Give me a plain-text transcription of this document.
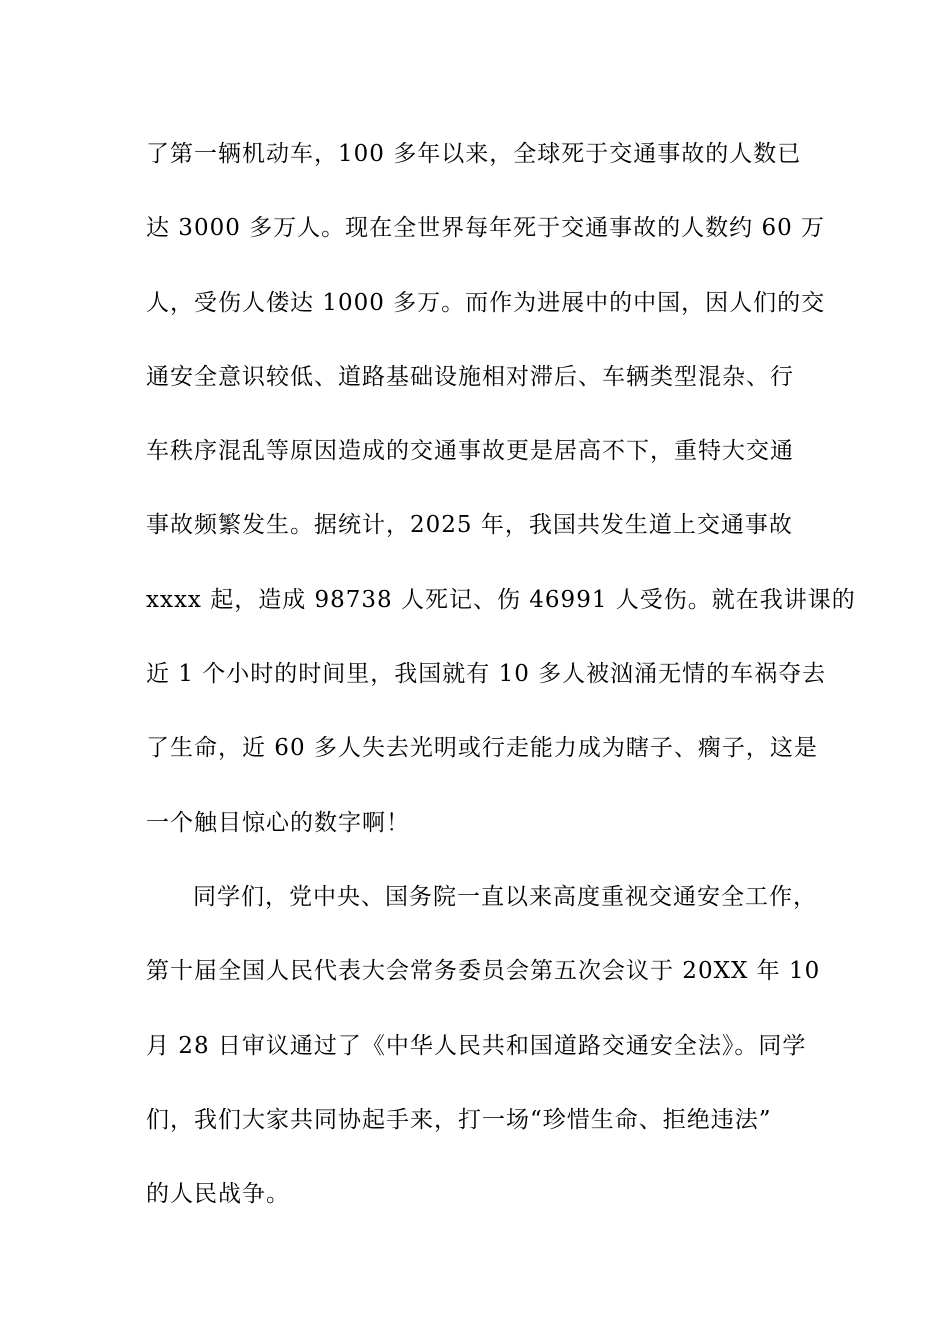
了第一辆机动车，100 多年以来，全球死于交通事故的人数已
达 3000 多万人。现在全世界每年死于交通事故的人数约 60 万
人，受伤人偻达 1000 多万。而作为进展中的中国，因人们的交
通安全意识较低、道路基础设施相对滞后、车辆类型混杂、行
车秩序混乱等原因造成的交通事故更是居高不下，重特大交通
事故频繁发生。据统计，2025 年，我国共发生道上交通事故
xxxx 起，造成 98738 人死记、伤 46991 人受伤。就在我讲课的
近 1 个小时的时间里，我国就有 10 多人被汹涌无情的车祸夺去
了生命，近 60 多人失去光明或行走能力成为瞎子、瘸子，这是
一个触目惊心的数字啊！
同学们，党中央、国务院一直以来高度重视交通安全工作，
第十届全国人民代表大会常务委员会第五次会议于 20XX 年 10
月 28 日审议通过了《中华人民共和国道路交通安全法》。同学
们，我们大家共同协起手来，打一场“珍惜生命、拒绝违法”
的人民战争。
